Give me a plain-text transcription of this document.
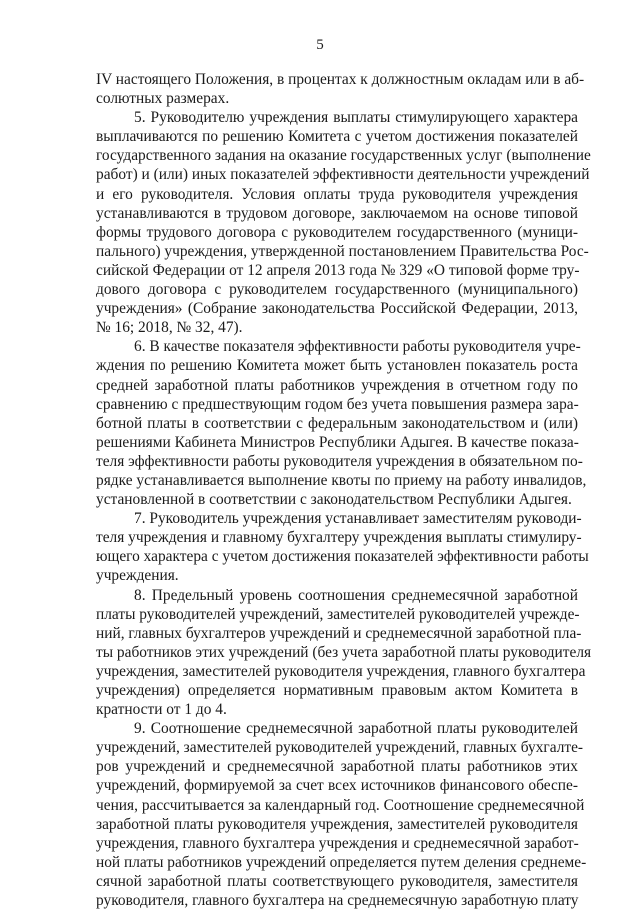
5
IV настоящего Положения, в процентах к должностным окладам или в аб-
солютных размерах.
5. Руководителю учреждения выплаты стимулирующего характера
выплачиваются по решению Комитета с учетом достижения показателей
государственного задания на оказание государственных услуг (выполнение
работ) и (или) иных показателей эффективности деятельности учреждений
и его руководителя. Условия оплаты труда руководителя учреждения
устанавливаются в трудовом договоре, заключаемом на основе типовой
формы трудового договора с руководителем государственного (муници-
пального) учреждения, утвержденной постановлением Правительства Рос-
сийской Федерации от 12 апреля 2013 года № 329 «О типовой форме тру-
дового договора с руководителем государственного (муниципального)
учреждения» (Собрание законодательства Российской Федерации, 2013,
№ 16; 2018, № 32, 47).
6. В качестве показателя эффективности работы руководителя учре-
ждения по решению Комитета может быть установлен показатель роста
средней заработной платы работников учреждения в отчетном году по
сравнению с предшествующим годом без учета повышения размера зара-
ботной платы в соответствии с федеральным законодательством и (или)
решениями Кабинета Министров Республики Адыгея. В качестве показа-
теля эффективности работы руководителя учреждения в обязательном по-
рядке устанавливается выполнение квоты по приему на работу инвалидов,
установленной в соответствии с законодательством Республики Адыгея.
7. Руководитель учреждения устанавливает заместителям руководи-
теля учреждения и главному бухгалтеру учреждения выплаты стимулиру-
ющего характера с учетом достижения показателей эффективности работы
учреждения.
8. Предельный уровень соотношения среднемесячной заработной
платы руководителей учреждений, заместителей руководителей учрежде-
ний, главных бухгалтеров учреждений и среднемесячной заработной пла-
ты работников этих учреждений (без учета заработной платы руководителя
учреждения, заместителей руководителя учреждения, главного бухгалтера
учреждения) определяется нормативным правовым актом Комитета в
кратности от 1 до 4.
9. Соотношение среднемесячной заработной платы руководителей
учреждений, заместителей руководителей учреждений, главных бухгалте-
ров учреждений и среднемесячной заработной платы работников этих
учреждений, формируемой за счет всех источников финансового обеспе-
чения, рассчитывается за календарный год. Соотношение среднемесячной
заработной платы руководителя учреждения, заместителей руководителя
учреждения, главного бухгалтера учреждения и среднемесячной заработ-
ной платы работников учреждений определяется путем деления среднеме-
сячной заработной платы соответствующего руководителя, заместителя
руководителя, главного бухгалтера на среднемесячную заработную плату
